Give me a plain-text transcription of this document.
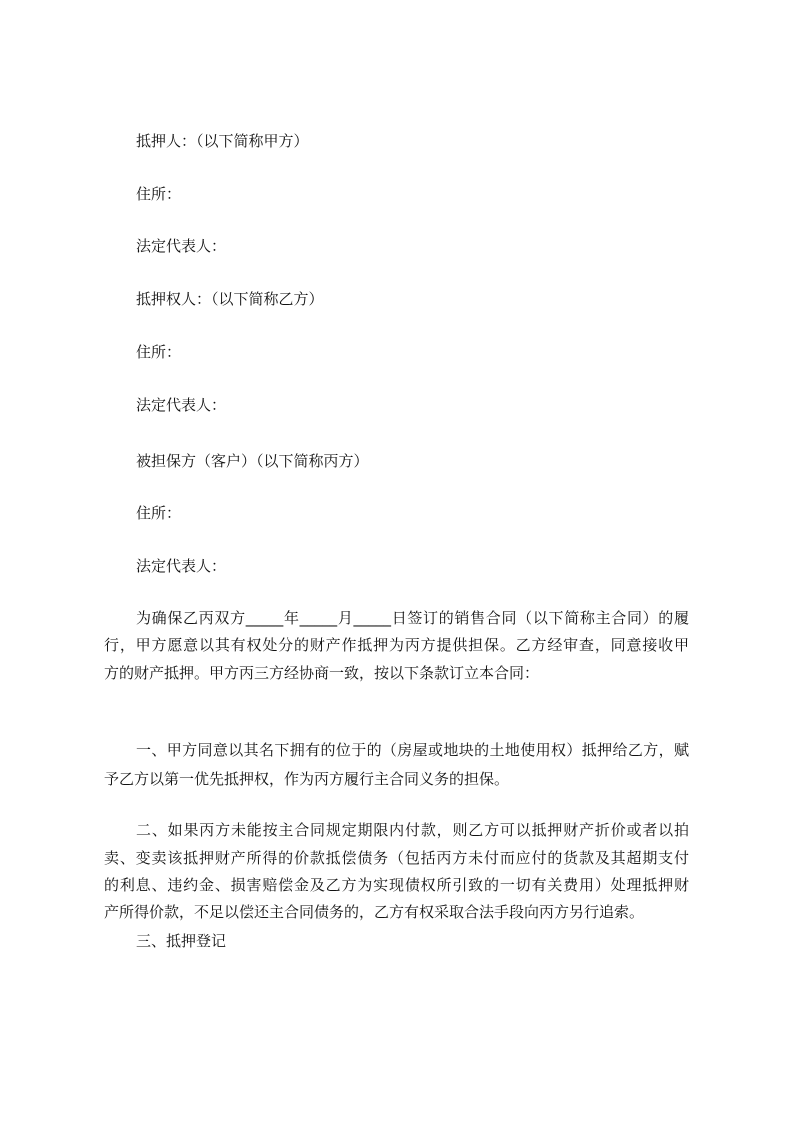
抵押人：（以下简称甲方）
住所：
法定代表人：
抵押权人：（以下简称乙方）
住所：
法定代表人：
被担保方（客户）（以下简称丙方）
住所：
法定代表人：
为确保乙丙双方_____年_____月_____日签订的销售合同（以下简称主合同）的履
行，甲方愿意以其有权处分的财产作抵押为丙方提供担保。乙方经审查，同意接收甲
方的财产抵押。甲方丙三方经协商一致，按以下条款订立本合同：
一、甲方同意以其名下拥有的位于的（房屋或地块的土地使用权）抵押给乙方，赋
予乙方以第一优先抵押权，作为丙方履行主合同义务的担保。
二、如果丙方未能按主合同规定期限内付款，则乙方可以抵押财产折价或者以拍
卖、变卖该抵押财产所得的价款抵偿债务（包括丙方未付而应付的货款及其超期支付
的利息、违约金、损害赔偿金及乙方为实现债权所引致的一切有关费用）处理抵押财
产所得价款，不足以偿还主合同债务的，乙方有权采取合法手段向丙方另行追索。
三、抵押登记
